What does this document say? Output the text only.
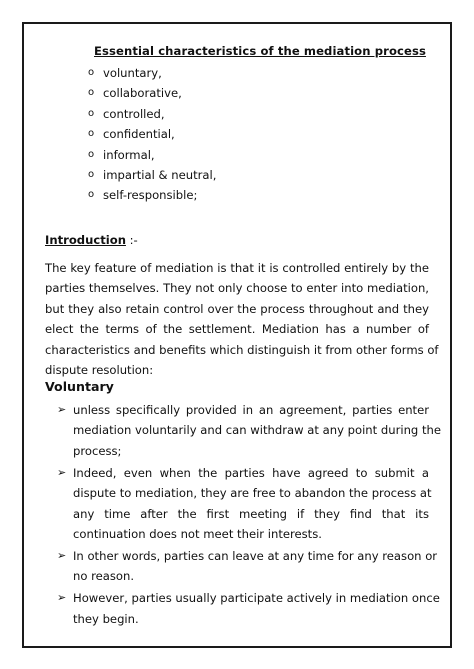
Essential characteristics of the mediation process
o voluntary,
o collaborative,
o controlled,
o confidential,
o informal,
o impartial & neutral,
o self-responsible;
Introduction :-
The key feature of mediation is that it is controlled entirely by the
parties themselves. They not only choose to enter into mediation,
but they also retain control over the process throughout and they
elect the terms of the settlement. Mediation has a number of
characteristics and benefits which distinguish it from other forms of
dispute resolution:
Voluntary
➢ unless specifically provided in an agreement, parties enter
mediation voluntarily and can withdraw at any point during the
process;
➢ Indeed, even when the parties have agreed to submit a
dispute to mediation, they are free to abandon the process at
any time after the first meeting if they find that its
continuation does not meet their interests.
➢ In other words, parties can leave at any time for any reason or
no reason.
➢ However, parties usually participate actively in mediation once
they begin.
